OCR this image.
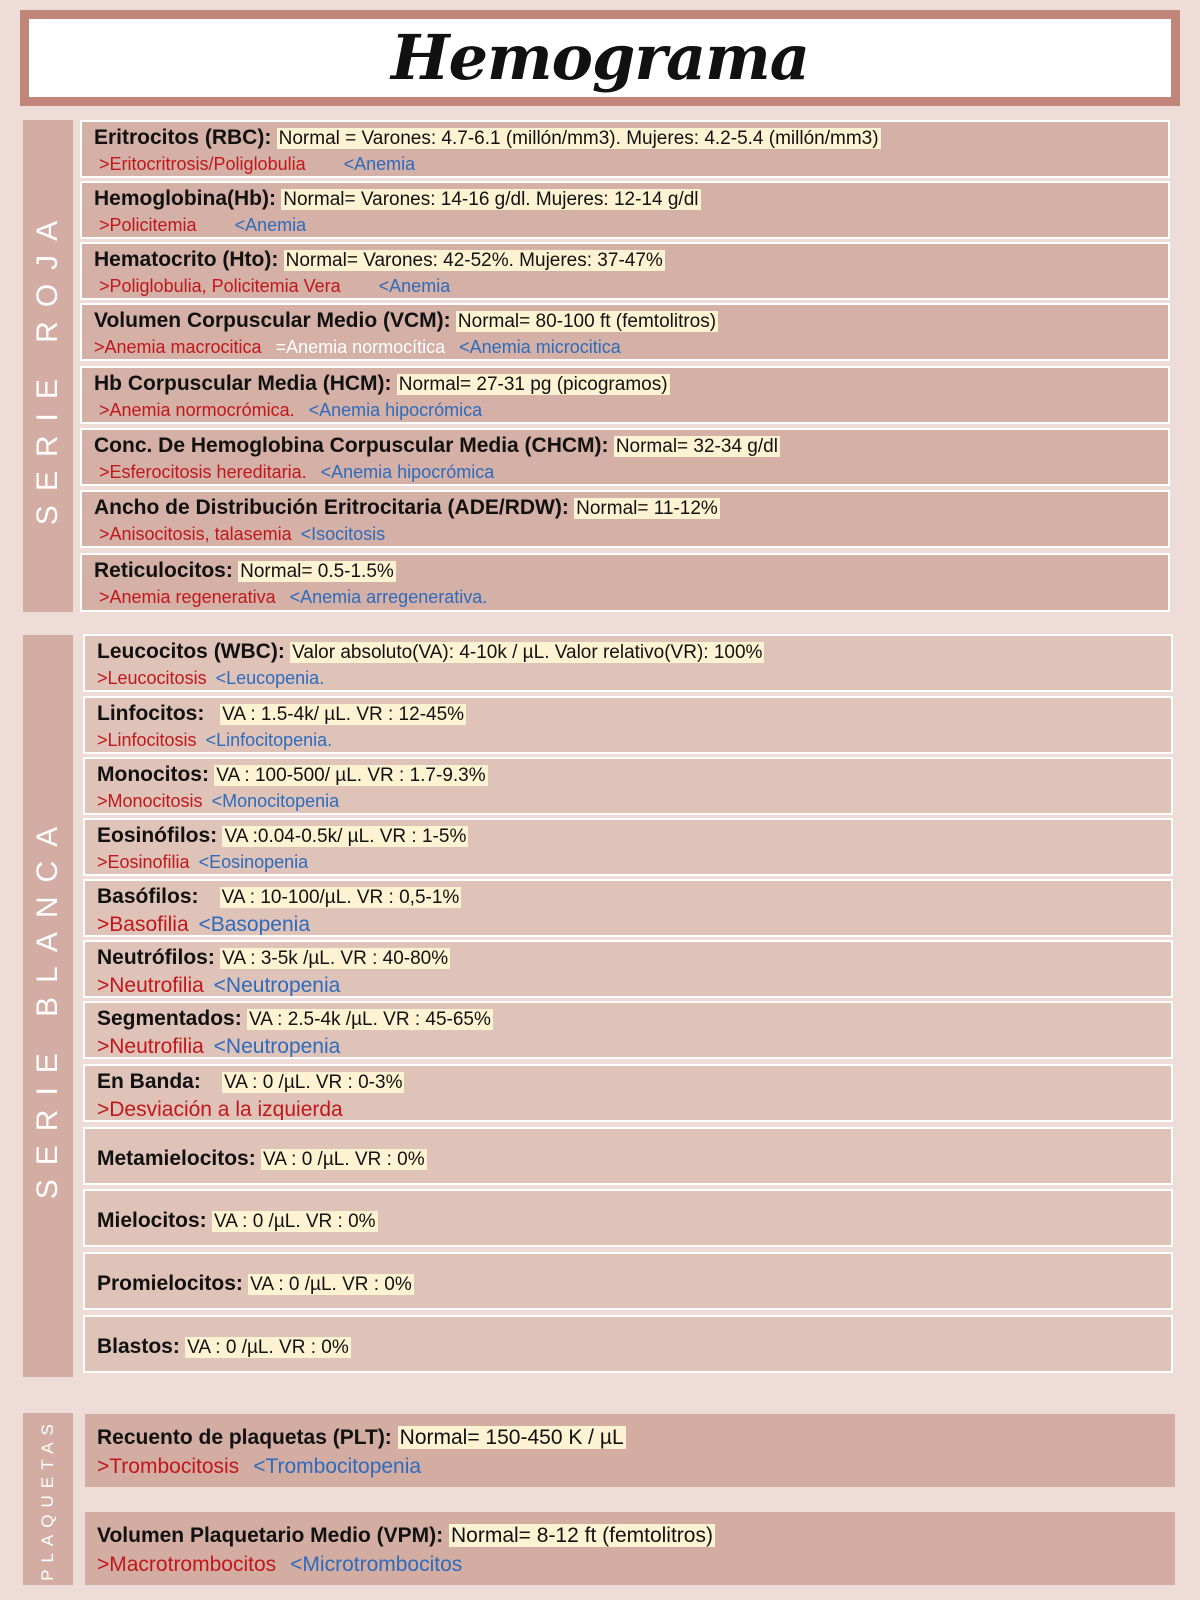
Hemograma
SERIE ROJA
Eritrocitos (RBC): Normal = Varones: 4.7-6.1 (millón/mm3). Mujeres: 4.2-5.4 (millón/mm3)
>Eritocritrosis/Poliglobulia <Anemia
Hemoglobina(Hb): Normal= Varones: 14-16 g/dl. Mujeres: 12-14 g/dl
>Policitemia <Anemia
Hematocrito (Hto): Normal= Varones: 42-52%. Mujeres: 37-47%
>Poliglobulia, Policitemia Vera <Anemia
Volumen Corpuscular Medio (VCM): Normal= 80-100 ft (femtolitros)
>Anemia macrocitica =Anemia normocítica <Anemia microcitica
Hb Corpuscular Media (HCM): Normal= 27-31 pg (picogramos)
>Anemia normocrómica. <Anemia hipocrómica
Conc. De Hemoglobina Corpuscular Media (CHCM): Normal= 32-34 g/dl
>Esferocitosis hereditaria. <Anemia hipocrómica
Ancho de Distribución Eritrocitaria (ADE/RDW): Normal= 11-12%
>Anisocitosis, talasemia <Isocitosis
Reticulocitos: Normal= 0.5-1.5%
>Anemia regenerativa <Anemia arregenerativa.
SERIE BLANCA
Leucocitos (WBC): Valor absoluto(VA): 4-10k / µL. Valor relativo(VR): 100%
>Leucocitosis <Leucopenia.
Linfocitos: VA : 1.5-4k/ µL. VR : 12-45%
>Linfocitosis <Linfocitopenia.
Monocitos: VA : 100-500/ µL. VR : 1.7-9.3%
>Monocitosis <Monocitopenia
Eosinófilos: VA :0.04-0.5k/ µL. VR : 1-5%
>Eosinofilia <Eosinopenia
Basófilos: VA : 10-100/µL. VR : 0,5-1%
>Basofilia <Basopenia
Neutrófilos: VA : 3-5k /µL. VR : 40-80%
>Neutrofilia <Neutropenia
Segmentados: VA : 2.5-4k /µL. VR : 45-65%
>Neutrofilia <Neutropenia
En Banda: VA : 0 /µL. VR : 0-3%
>Desviación a la izquierda
Metamielocitos: VA : 0 /µL. VR : 0%
Mielocitos: VA : 0 /µL. VR : 0%
Promielocitos: VA : 0 /µL. VR : 0%
Blastos: VA : 0 /µL. VR : 0%
PLAQUETAS Recuento de plaquetas (PLT): Normal= 150-450 K / µL
>Trombocitosis <Trombocitopenia
Volumen Plaquetario Medio (VPM): Normal= 8-12 ft (femtolitros)
>Macrotrombocitos <Microtrombocitos
